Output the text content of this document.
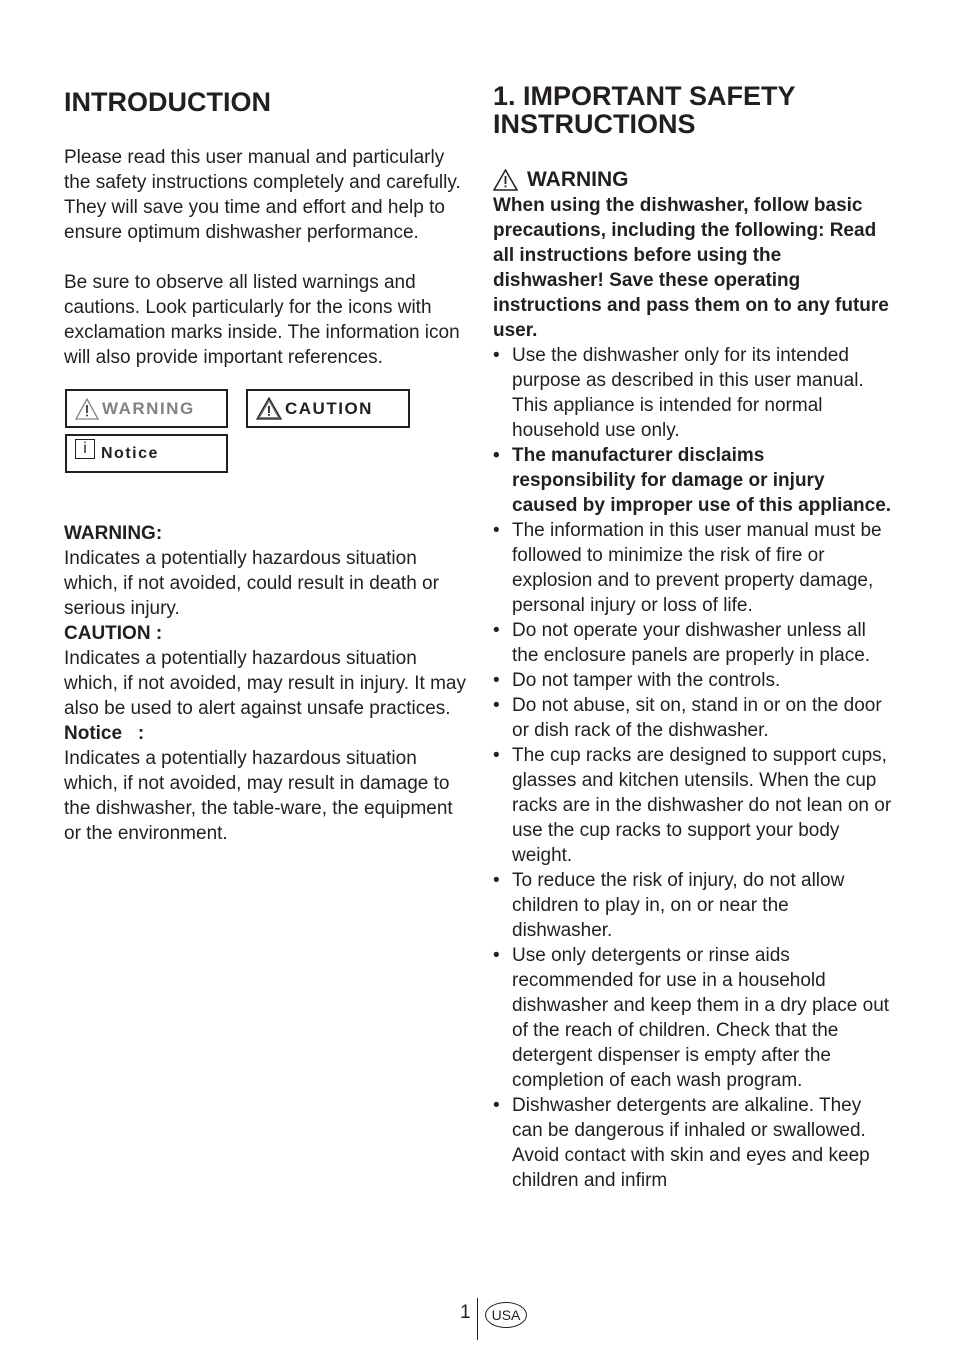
INTRODUCTION

Please read this user manual and particularly the safety instructions completely and carefully. They will save you time and effort and help to ensure optimum dishwasher performance.

Be sure to observe all listed warnings and cautions. Look particularly for the icons with exclamation marks inside. The information icon will also provide important references.

WARNING	CAUTION
i Notice

WARNING:

Indicates a potentially hazardous situation which, if not avoided, could result in death or serious injury.

CAUTION :

Indicates a potentially hazardous situation which, if not avoided, may result in injury. It may also be used to alert against unsafe practices.

Notice   :

Indicates a potentially hazardous situation which, if not avoided, may result in damage to the dishwasher, the table-ware, the equipment or the environment.

1. IMPORTANT SAFETY INSTRUCTIONS
WARNING

When using the dishwasher, follow basic precautions, including the following: Read all instructions before using the dishwasher! Save these operating instructions and pass them on to any future user.

• Use the dishwasher only for its intended purpose as described in this user manual. This appliance is intended for normal household use only.
• The manufacturer disclaims responsibility for damage or injury caused by improper use of this appliance.
• The information in this user manual must be followed to minimize the risk of fire or explosion and to prevent property damage, personal injury or loss of life.
• Do not operate your dishwasher unless all the enclosure panels are properly in place.
• Do not tamper with the controls.
• Do not abuse, sit on, stand in or on the door or dish rack of the dishwasher.
• The cup racks are designed to support cups, glasses and kitchen utensils. When the cup racks are in the dishwasher do not lean on or use the cup racks to support your body weight.
• To reduce the risk of injury, do not allow children to play in, on or near the dishwasher.
• Use only detergents or rinse aids recommended for use in a household dishwasher and keep them in a dry place out of the reach of children. Check that the detergent dispenser is empty after the completion of each wash program.
• Dishwasher detergents are alkaline. They can be dangerous if inhaled or swallowed. Avoid contact with skin and eyes and keep children and infirm
1	USA
